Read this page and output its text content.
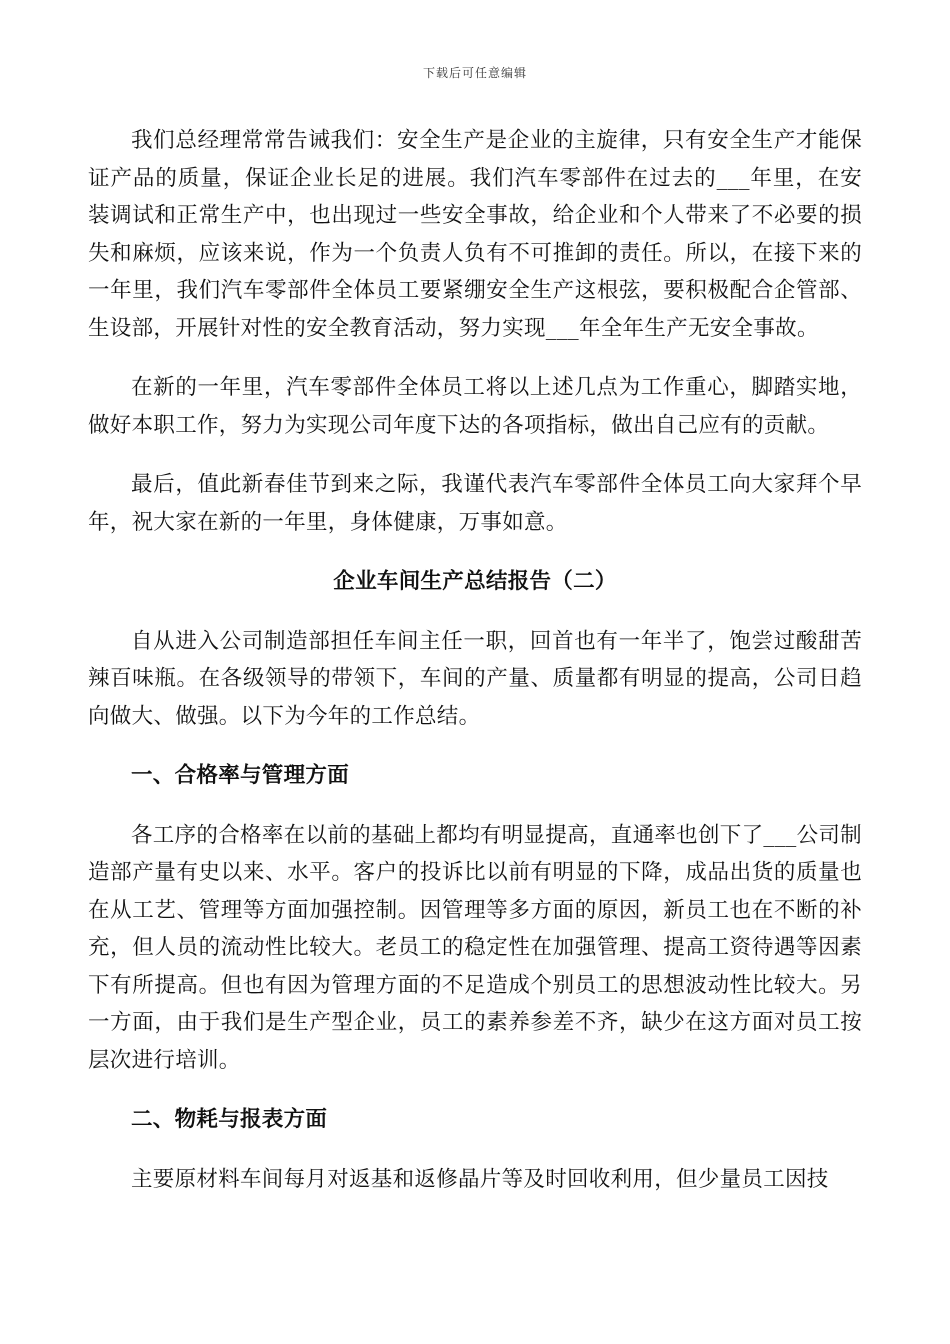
下载后可任意编辑

我们总经理常常告诫我们：安全生产是企业的主旋律，只有安全生产才能保证产品的质量，保证企业长足的进展。我们汽车零部件在过去的___年里，在安装调试和正常生产中，也出现过一些安全事故，给企业和个人带来了不必要的损失和麻烦，应该来说，作为一个负责人负有不可推卸的责任。所以，在接下来的一年里，我们汽车零部件全体员工要紧绷安全生产这根弦，要积极配合企管部、生设部，开展针对性的安全教育活动，努力实现___年全年生产无安全事故。

在新的一年里，汽车零部件全体员工将以上述几点为工作重心，脚踏实地，做好本职工作，努力为实现公司年度下达的各项指标，做出自己应有的贡献。

最后，值此新春佳节到来之际，我谨代表汽车零部件全体员工向大家拜个早年，祝大家在新的一年里，身体健康，万事如意。

企业车间生产总结报告（二）

自从进入公司制造部担任车间主任一职，回首也有一年半了，饱尝过酸甜苦辣百味瓶。在各级领导的带领下，车间的产量、质量都有明显的提高，公司日趋向做大、做强。以下为今年的工作总结。

一、合格率与管理方面

各工序的合格率在以前的基础上都均有明显提高，直通率也创下了___公司制造部产量有史以来、水平。客户的投诉比以前有明显的下降，成品出货的质量也在从工艺、管理等方面加强控制。因管理等多方面的原因，新员工也在不断的补充，但人员的流动性比较大。老员工的稳定性在加强管理、提高工资待遇等因素下有所提高。但也有因为管理方面的不足造成个别员工的思想波动性比较大。另一方面，由于我们是生产型企业，员工的素养参差不齐，缺少在这方面对员工按层次进行培训。

二、物耗与报表方面

主要原材料车间每月对返基和返修晶片等及时回收利用，但少量员工因技
